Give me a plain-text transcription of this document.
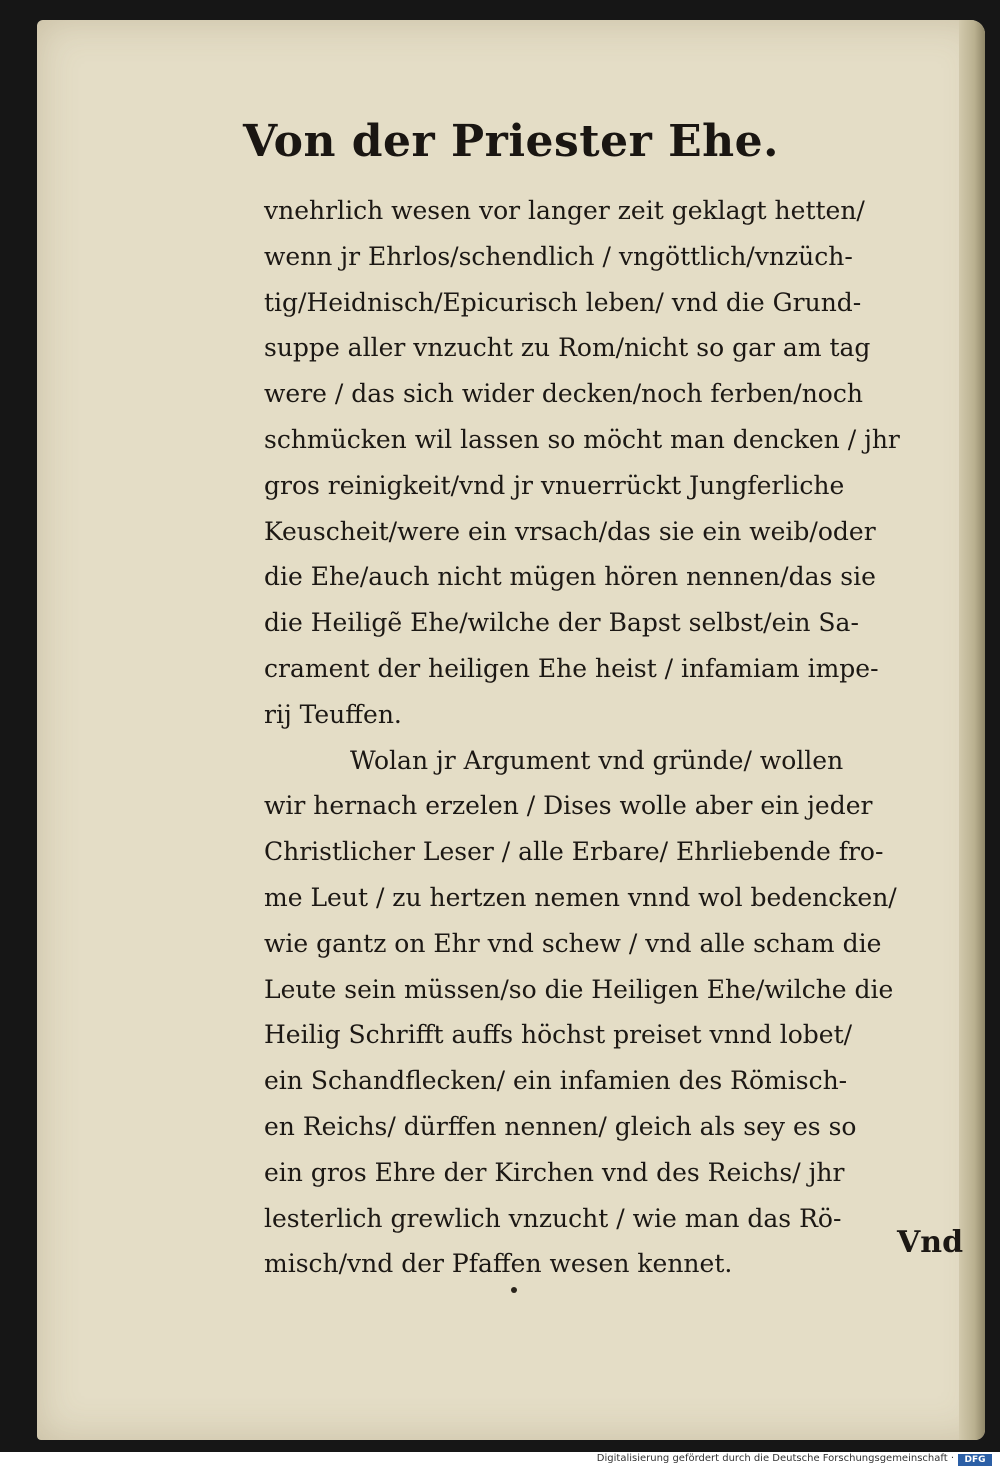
Von der Priester Ehe.
vnehrlich wesen vor langer zeit geklagt hetten/
wenn jr Ehrlos/schendlich / vngöttlich/vnzüch-
tig/Heidnisch/Epicurisch leben/ vnd die Grund-
suppe aller vnzucht zu Rom/nicht so gar am tag
were / das sich wider decken/noch ferben/noch
schmücken wil lassen so möcht man dencken / jhr
gros reinigkeit/vnd jr vnuerrückt Jungferliche
Keuscheit/were ein vrsach/das sie ein weib/oder
die Ehe/auch nicht mügen hören nennen/das sie
die Heiligẽ Ehe/wilche der Bapst selbst/ein Sa-
crament der heiligen Ehe heist / infamiam impe-
rij Teuffen.
Wolan jr Argument vnd gründe/ wollen
wir hernach erzelen / Dises wolle aber ein jeder
Christlicher Leser / alle Erbare/ Ehrliebende fro-
me Leut / zu hertzen nemen vnnd wol bedencken/
wie gantz on Ehr vnd schew / vnd alle scham die
Leute sein müssen/so die Heiligen Ehe/wilche die
Heilig Schrifft auffs höchst preiset vnnd lobet/
ein Schandflecken/ ein infamien des Römisch-
en Reichs/ dürffen nennen/ gleich als sey es so
ein gros Ehre der Kirchen vnd des Reichs/ jhr
lesterlich grewlich vnzucht / wie man das Rö-
misch/vnd der Pfaffen wesen kennet.
Vnd
Digitalisierung gefördert durch die Deutsche Forschungsgemeinschaft ·	DFG
